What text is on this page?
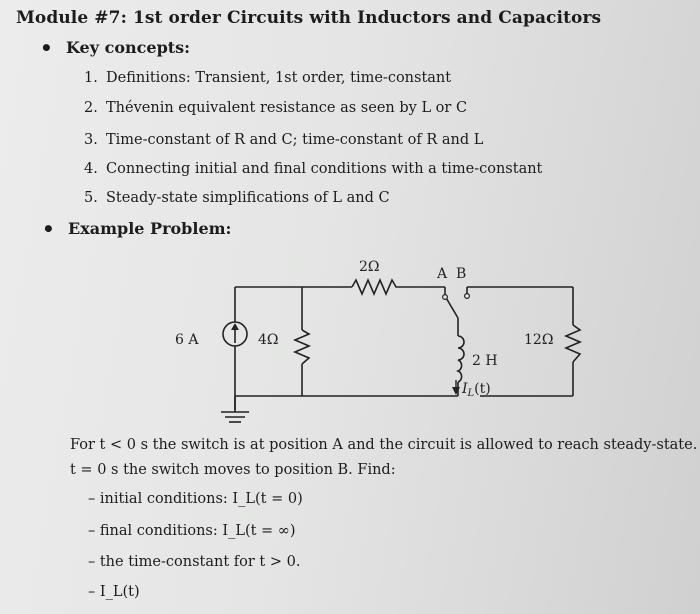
Module #7: 1st order Circuits with Inductors and Capacitors
• Key concepts:
1. Definitions: Transient, 1st order, time-constant
2. Thévenin equivalent resistance as seen by L or C
3. Time-constant of R and C; time-constant of R and L
4. Connecting initial and final conditions with a time-constant
5. Steady-state simplifications of L and C
• Example Problem:
2Ω	A  B
6 A	4Ω
2 H
$I_L(t)$
12Ω
For t < 0 s the switch is at position A and the circuit is allowed to reach steady-state.
t = 0 s the switch moves to position B. Find:
– initial conditions: I_L(t = 0)
– final conditions: I_L(t = ∞)
– the time-constant for t > 0.
– I_L(t)
